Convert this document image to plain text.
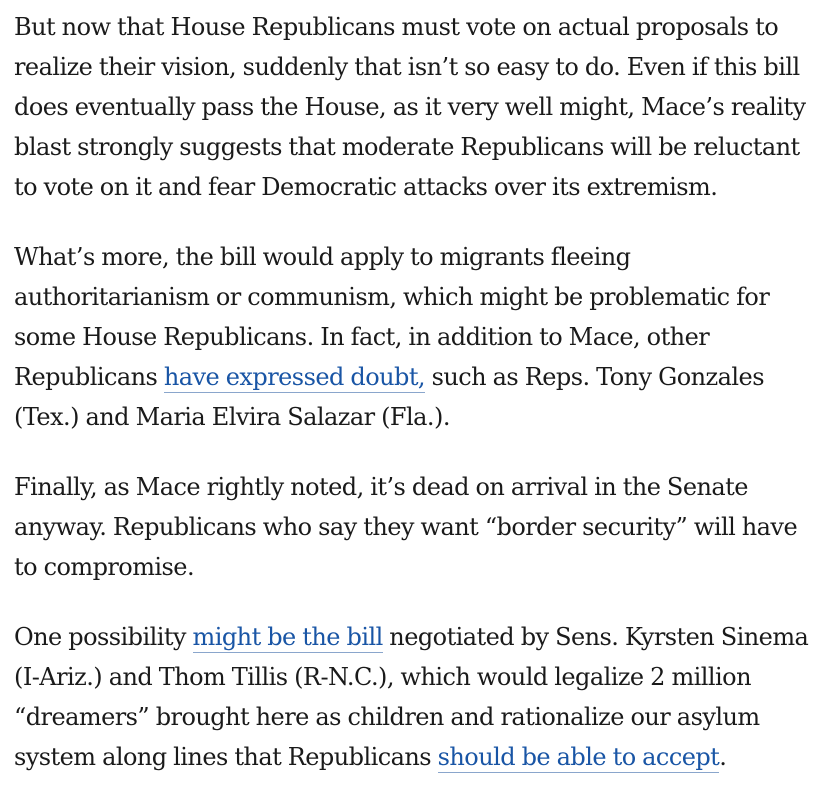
But now that House Republicans must vote on actual proposals to realize their vision, suddenly that isn’t so easy to do. Even if this bill does eventually pass the House, as it very well might, Mace’s reality blast strongly suggests that moderate Republicans will be reluctant to vote on it and fear Democratic attacks over its extremism.

What’s more, the bill would apply to migrants fleeing authoritarianism or communism, which might be problematic for some House Republicans. In fact, in addition to Mace, other Republicans have expressed doubt, such as Reps. Tony Gonzales (Tex.) and Maria Elvira Salazar (Fla.).

Finally, as Mace rightly noted, it’s dead on arrival in the Senate anyway. Republicans who say they want “border security” will have to compromise.

One possibility might be the bill negotiated by Sens. Kyrsten Sinema (I-Ariz.) and Thom Tillis (R-N.C.), which would legalize 2 million “dreamers” brought here as children and rationalize our asylum system along lines that Republicans should be able to accept.
